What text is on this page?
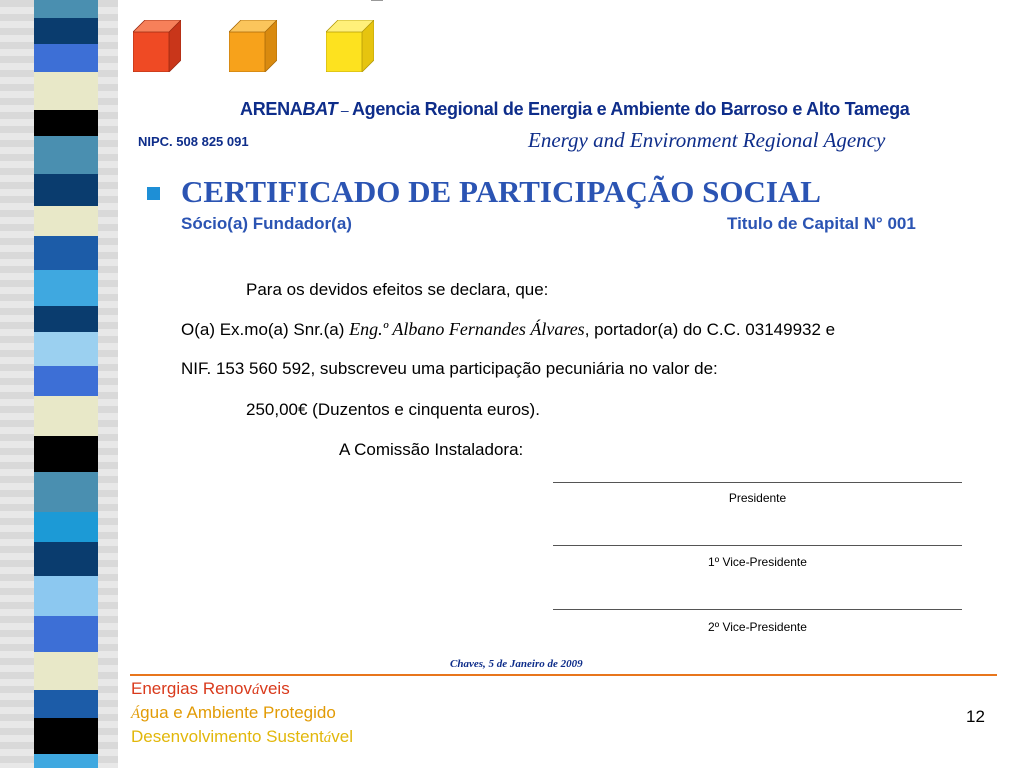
ARENABAT – Agencia Regional de Energia e Ambiente do Barroso e Alto Tamega
NIPC. 508 825 091	Energy and Environment Regional Agency
CERTIFICADO DE PARTICIPAÇÃO SOCIAL
Sócio(a) Fundador(a)	Titulo de Capital N° 001
Para os devidos efeitos se declara, que:
O(a) Ex.mo(a) Snr.(a) Eng.º Albano Fernandes Álvares, portador(a) do C.C. 03149932 e
NIF. 153 560 592, subscreveu uma participação pecuniária no valor de:
250,00€ (Duzentos e cinquenta euros).
A Comissão Instaladora:
Presidente
1º Vice-Presidente
2º Vice-Presidente
Chaves, 5 de Janeiro de 2009
Energias Renováveis
Água e Ambiente Protegido
Desenvolvimento Sustentável
12
